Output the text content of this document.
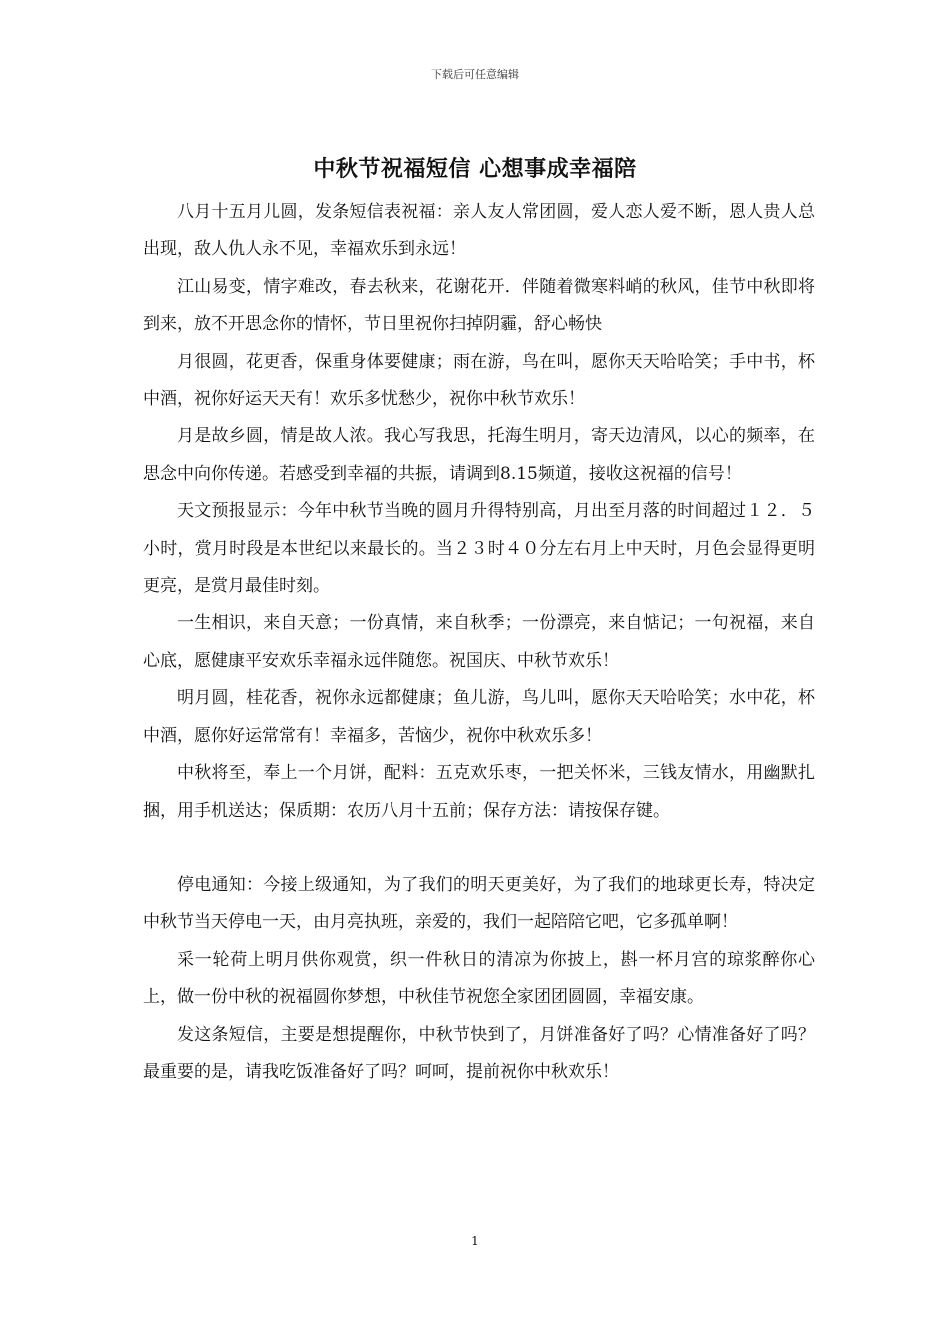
下载后可任意编辑
中秋节祝福短信 心想事成幸福陪

八月十五月儿圆，发条短信表祝福：亲人友人常团圆，爱人恋人爱不断，恩人贵人总出现，敌人仇人永不见，幸福欢乐到永远！

江山易变，情字难改，春去秋来，花谢花开．伴随着微寒料峭的秋风，佳节中秋即将到来，放不开思念你的情怀，节日里祝你扫掉阴霾，舒心畅快

月很圆，花更香，保重身体要健康；雨在游，鸟在叫，愿你天天哈哈笑；手中书，杯中酒，祝你好运天天有！欢乐多忧愁少，祝你中秋节欢乐！

月是故乡圆，情是故人浓。我心写我思，托海生明月，寄天边清风，以心的频率，在思念中向你传递。若感受到幸福的共振，请调到8.15频道，接收这祝福的信号！

天文预报显示：今年中秋节当晚的圆月升得特别高，月出至月落的时间超过１２．５小时，赏月时段是本世纪以来最长的。当２３时４０分左右月上中天时，月色会显得更明更亮，是赏月最佳时刻。

一生相识，来自天意；一份真情，来自秋季；一份漂亮，来自惦记；一句祝福，来自心底，愿健康平安欢乐幸福永远伴随您。祝国庆、中秋节欢乐！

明月圆，桂花香，祝你永远都健康；鱼儿游，鸟儿叫，愿你天天哈哈笑；水中花，杯中酒，愿你好运常常有！幸福多，苦恼少，祝你中秋欢乐多！

中秋将至，奉上一个月饼，配料：五克欢乐枣，一把关怀米，三钱友情水，用幽默扎捆，用手机送达；保质期：农历八月十五前；保存方法：请按保存键。

停电通知：今接上级通知，为了我们的明天更美好，为了我们的地球更长寿，特决定中秋节当天停电一天，由月亮执班，亲爱的，我们一起陪陪它吧，它多孤单啊！

采一轮荷上明月供你观赏，织一件秋日的清凉为你披上，斟一杯月宫的琼浆醉你心上，做一份中秋的祝福圆你梦想，中秋佳节祝您全家团团圆圆，幸福安康。

发这条短信，主要是想提醒你，中秋节快到了，月饼准备好了吗？心情准备好了吗？最重要的是，请我吃饭准备好了吗？呵呵，提前祝你中秋欢乐！

1
